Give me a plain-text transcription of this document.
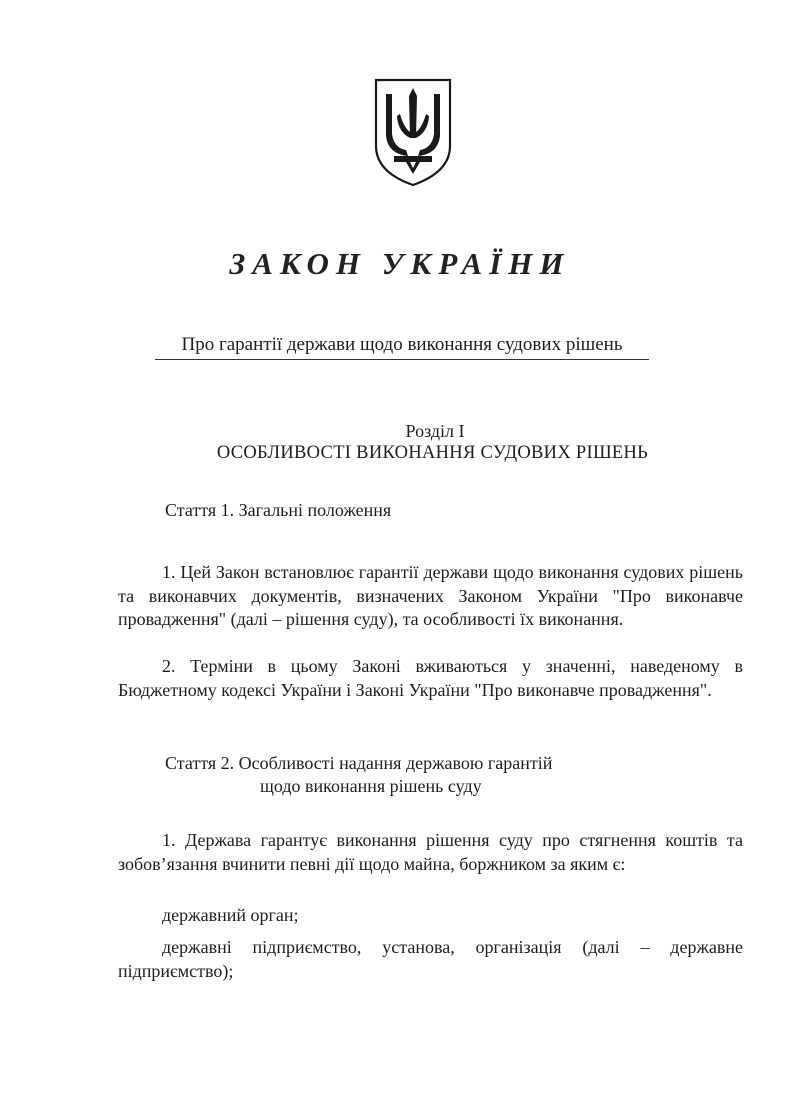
ЗАКОН УКРАЇНИ
Про гарантії держави щодо виконання судових рішень
Розділ I
ОСОБЛИВОСТІ ВИКОНАННЯ СУДОВИХ РІШЕНЬ
Стаття 1. Загальні положення

1. Цей Закон встановлює гарантії держави щодо виконання судових рішень та виконавчих документів, визначених Законом України "Про виконавче провадження" (далі – рішення суду), та особливості їх виконання.

2. Терміни в цьому Законі вживаються у значенні, наведеному в Бюджетному кодексі України і Законі України "Про виконавче провадження".

Стаття 2. Особливості надання державою гарантій
щодо виконання рішень суду

1. Держава гарантує виконання рішення суду про стягнення коштів та зобов’язання вчинити певні дії щодо майна, боржником за яким є:

державний орган;

державні підприємство, установа, організація (далі – державне підприємство);
